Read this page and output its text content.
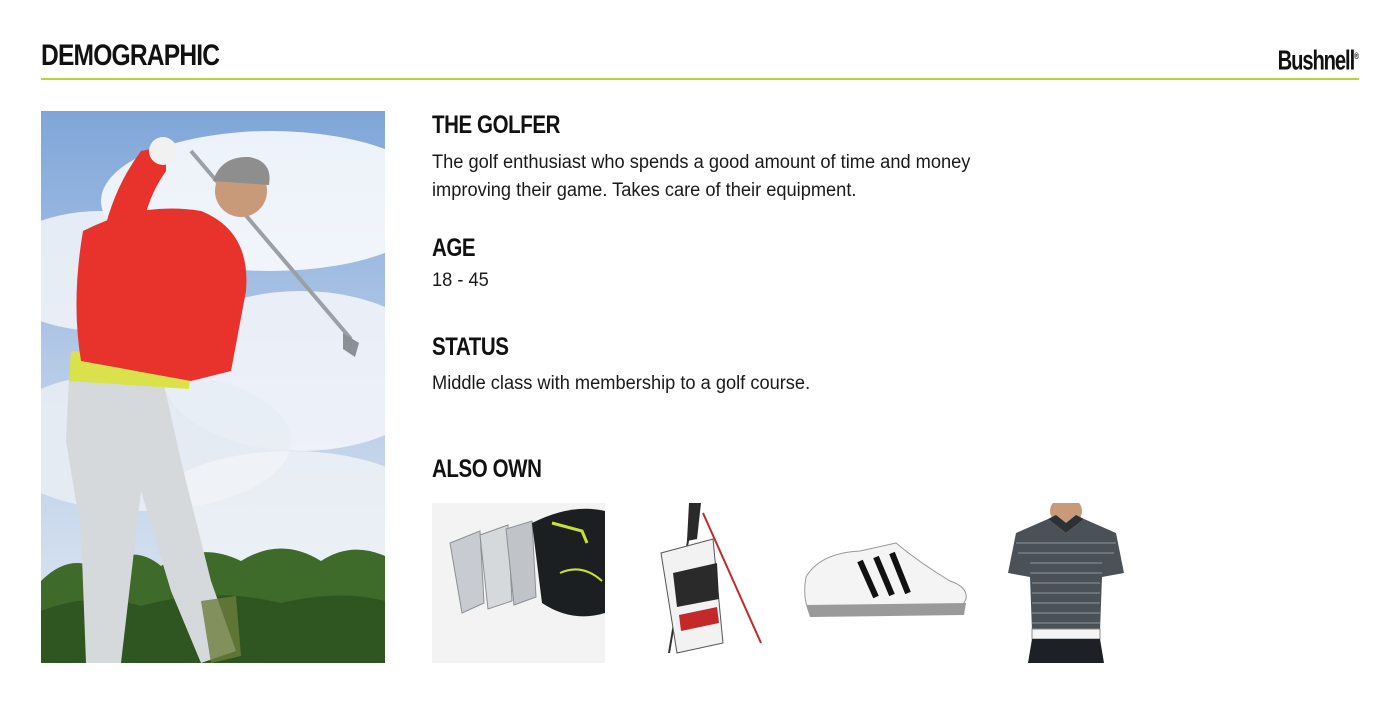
DEMOGRAPHIC	Bushnell®
THE GOLFER

The golf enthusiast who spends a good amount of time and money

improving their game. Takes care of their equipment.

AGE

18 - 45

STATUS

Middle class with membership to a golf course.

ALSO OWN
